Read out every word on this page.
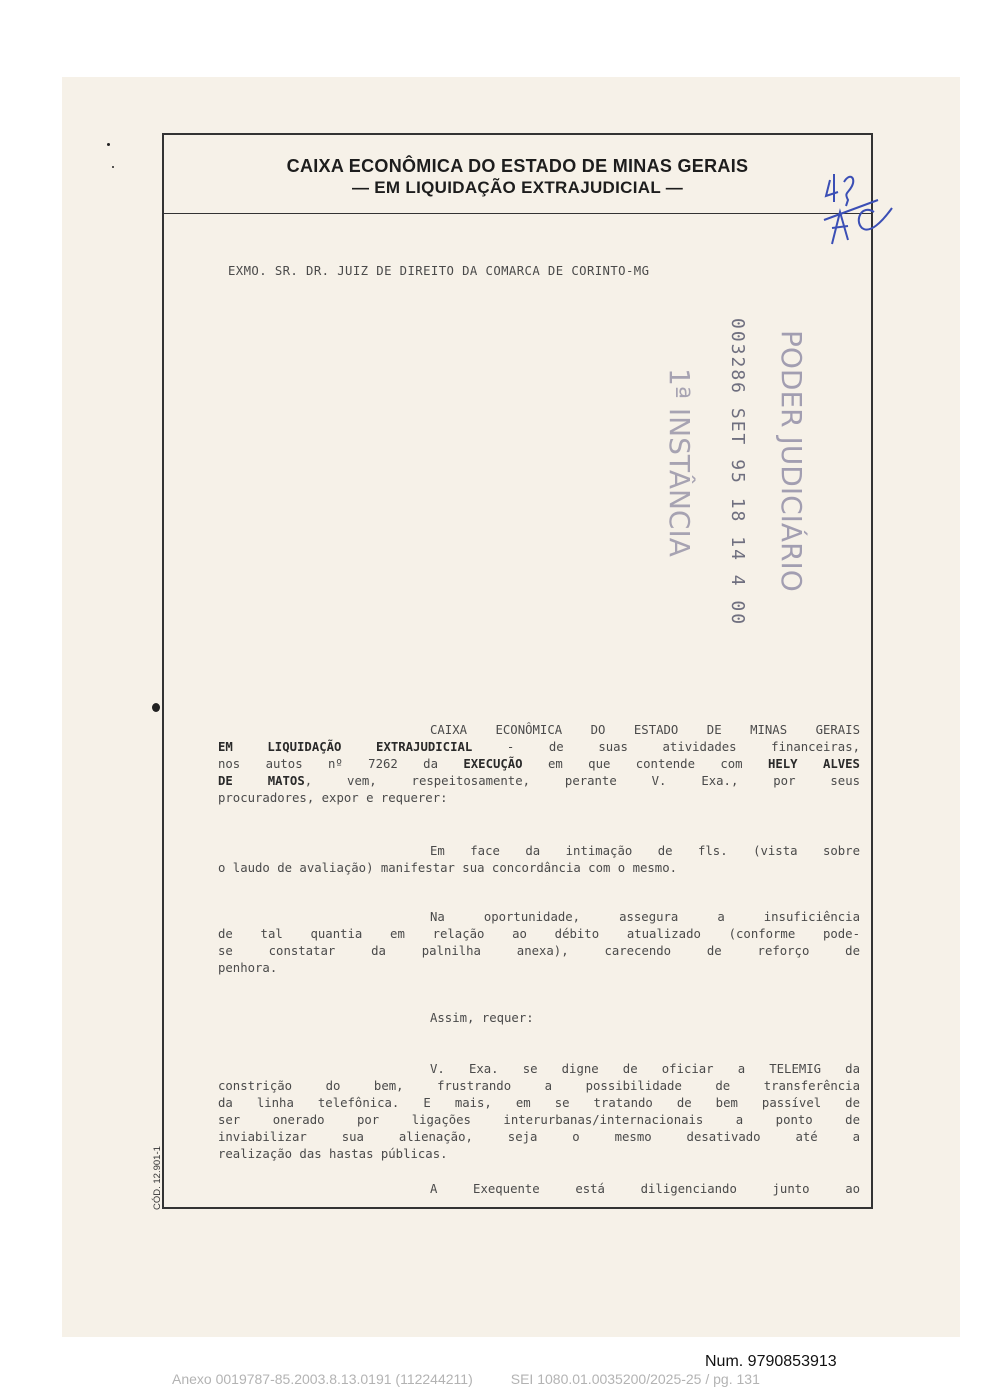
CAIXA ECONÔMICA DO ESTADO DE MINAS GERAIS
— EM LIQUIDAÇÃO EXTRAJUDICIAL —
EXMO. SR. DR. JUIZ DE DIREITO DA COMARCA DE CORINTO-MG
PODER JUDICIÁRIO
003286 SET 95 18 14 4 00
1ª INSTÂNCIA
CAIXA ECONÔMICA DO ESTADO DE MINAS GERAIS
EM LIQUIDAÇÃO EXTRAJUDICIAL - de suas atividades financeiras,
nos autos nº 7262 da EXECUÇÃO em que contende com HELY ALVES
DE MATOS, vem, respeitosamente, perante V. Exa., por seus
procuradores, expor e requerer:
Em face da intimação de fls. (vista sobre
o laudo de avaliação) manifestar sua concordância com o mesmo.
Na oportunidade, assegura a insuficiência
de tal quantia em relação ao débito atualizado (conforme pode-
se constatar da palnilha anexa), carecendo de reforço de
penhora.
Assim, requer:
V. Exa. se digne de oficiar a TELEMIG da
constrição do bem, frustrando a possibilidade de transferência
da linha telefônica. E mais, em se tratando de bem passível de
ser onerado por ligações interurbanas/internacionais a ponto de
inviabilizar sua alienação, seja o mesmo desativado até a
realização das hastas públicas.
A Exequente está diligenciando junto ao
CÓD. 12.901-1
Num. 9790853913
Anexo 0019787-85.2003.8.13.0191 (112244211)	SEI 1080.01.0035200/2025-25 / pg. 131
